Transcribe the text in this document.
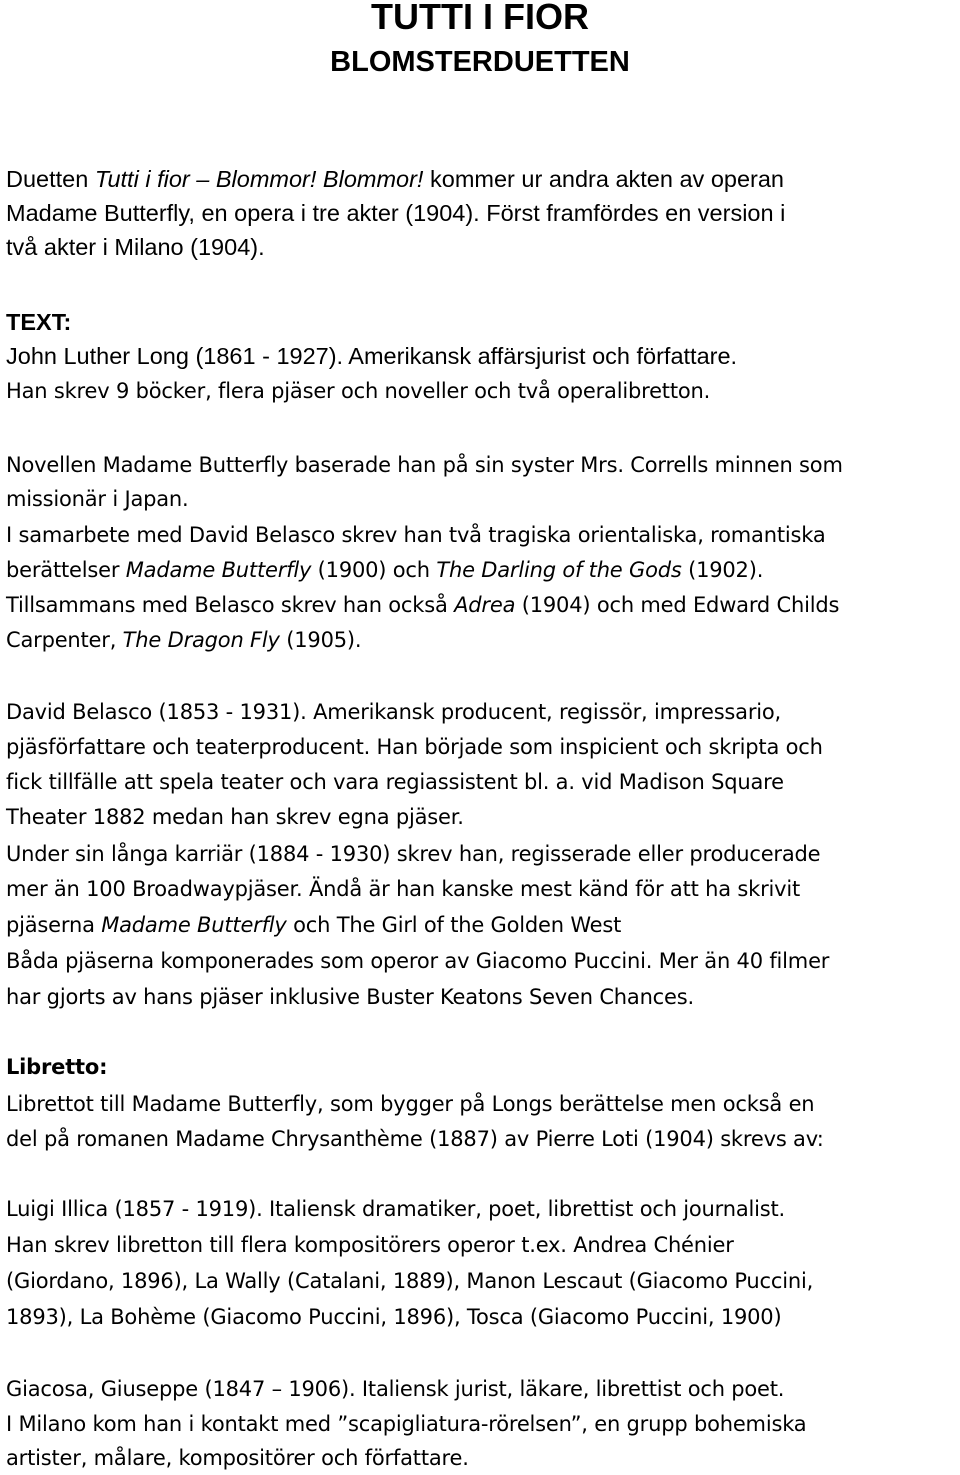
TUTTI I FIOR
BLOMSTERDUETTEN

Duetten Tutti i fior – Blommor! Blommor! kommer ur andra akten av operan

Madame Butterfly, en opera i tre akter (1904). Först framfördes en version i

två akter i Milano (1904).

TEXT:

John Luther Long (1861 - 1927). Amerikansk affärsjurist och författare.

Han skrev 9 böcker, flera pjäser och noveller och två operalibretton.

Novellen Madame Butterfly baserade han på sin syster Mrs. Corrells minnen som

missionär i Japan.

I samarbete med David Belasco skrev han två tragiska orientaliska, romantiska

berättelser Madame Butterfly (1900) och The Darling of the Gods (1902).

Tillsammans med Belasco skrev han också Adrea (1904) och med Edward Childs

Carpenter, The Dragon Fly (1905).

David Belasco (1853 - 1931). Amerikansk producent, regissör, impressario,

pjäsförfattare och teaterproducent. Han började som inspicient och skripta och

fick tillfälle att spela teater och vara regiassistent bl. a. vid Madison Square

Theater 1882 medan han skrev egna pjäser.

Under sin långa karriär (1884 - 1930) skrev han, regisserade eller producerade

mer än 100 Broadwaypjäser. Ändå är han kanske mest känd för att ha skrivit

pjäserna Madame Butterfly och The Girl of the Golden West

Båda pjäserna komponerades som operor av Giacomo Puccini. Mer än 40 filmer

har gjorts av hans pjäser inklusive Buster Keatons Seven Chances.

Libretto:

Librettot till Madame Butterfly, som bygger på Longs berättelse men också en

del på romanen Madame Chrysanthème (1887) av Pierre Loti (1904) skrevs av:

Luigi Illica (1857 - 1919). Italiensk dramatiker, poet, librettist och journalist.

Han skrev libretton till flera kompositörers operor t.ex. Andrea Chénier

(Giordano, 1896), La Wally (Catalani, 1889), Manon Lescaut (Giacomo Puccini,

1893), La Bohème (Giacomo Puccini, 1896), Tosca (Giacomo Puccini, 1900)

Giacosa, Giuseppe (1847 – 1906). Italiensk jurist, läkare, librettist och poet.

I Milano kom han i kontakt med ”scapigliatura-rörelsen”, en grupp bohemiska

artister, målare, kompositörer och författare.
